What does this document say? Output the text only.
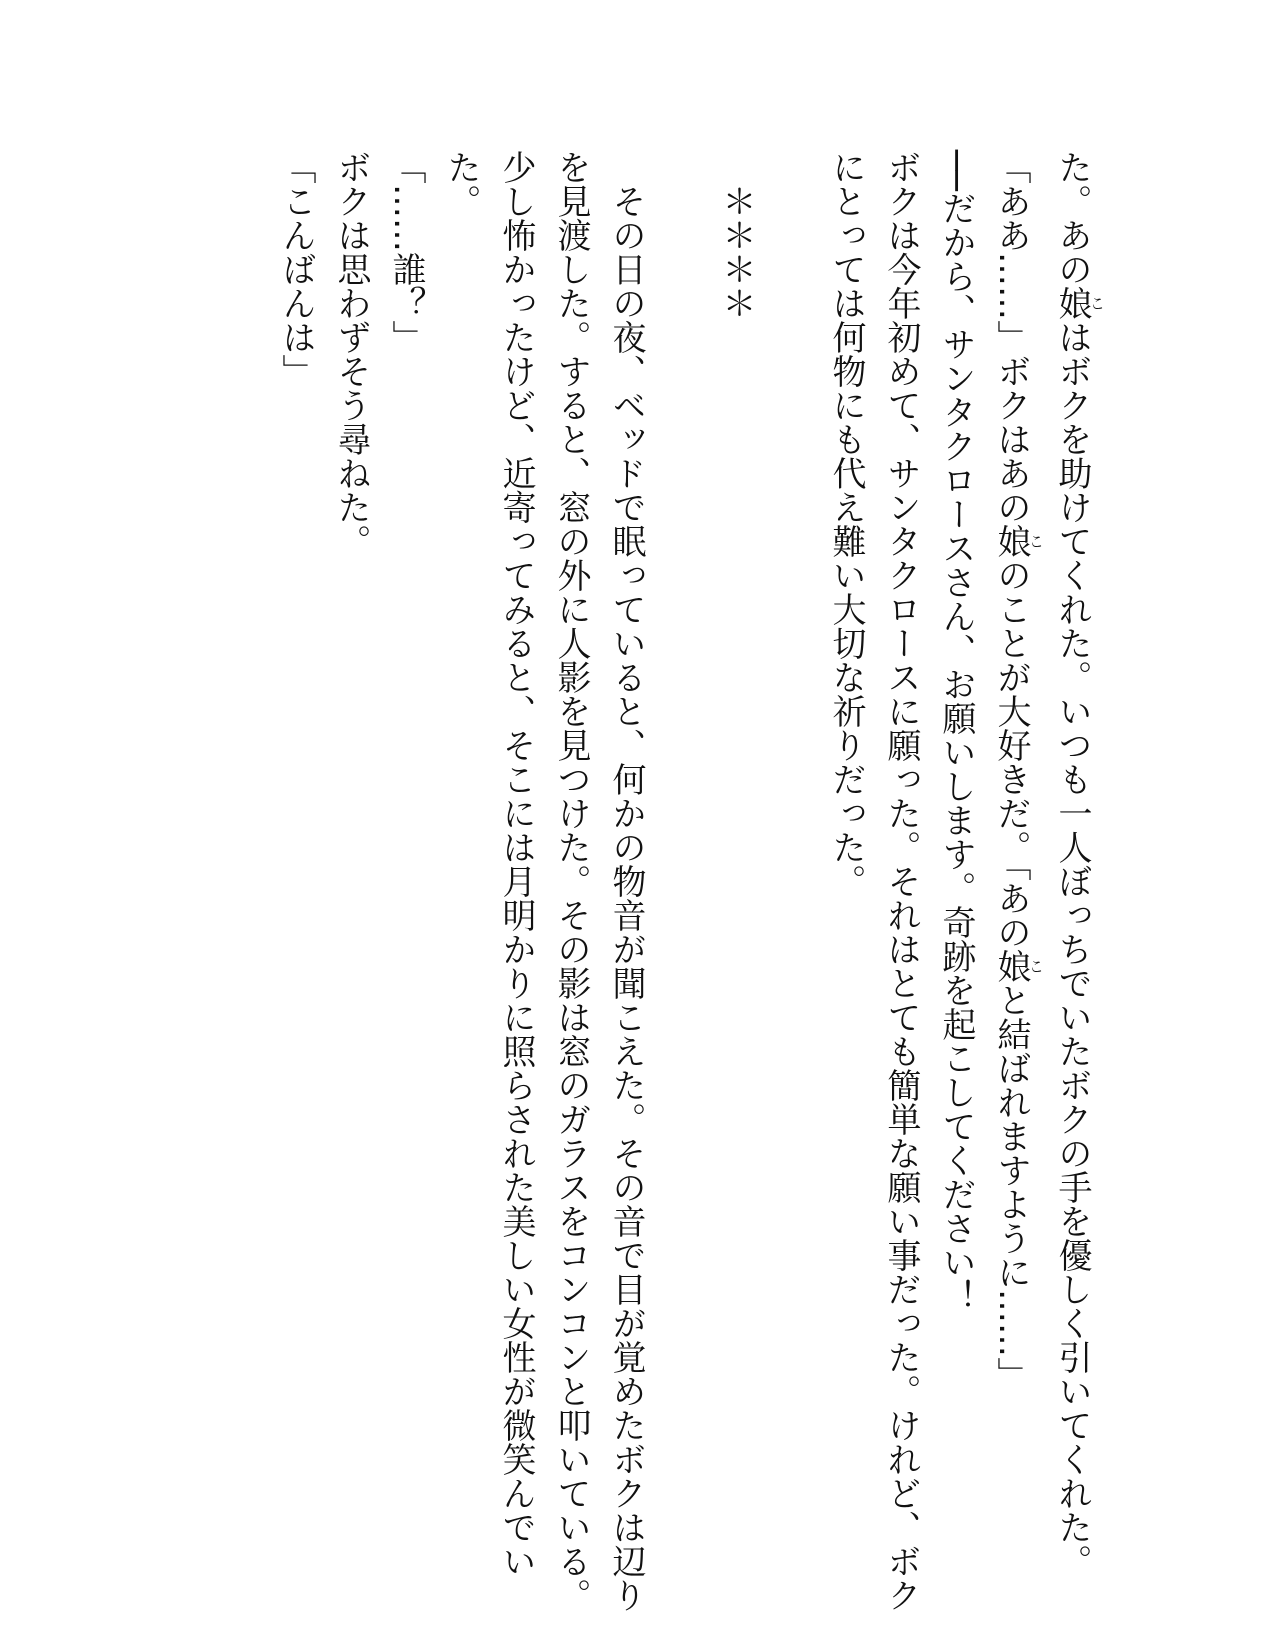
た。あの娘こはボクを助けてくれた。いつも一人ぼっちでいたボクの手を優しく引いてくれた。
「ああ……」ボクはあの娘このことが大好きだ。「あの娘こと結ばれますように……」
──だから、サンタクロースさん、お願いします。奇跡を起こしてください！
ボクは今年初めて、サンタクロースに願った。それはとても簡単な願い事だった。けれど、ボク
にとっては何物にも代え難い大切な祈りだった。
＊＊＊＊
その日の夜、ベッドで眠っていると、何かの物音が聞こえた。その音で目が覚めたボクは辺り
を見渡した。すると、窓の外に人影を見つけた。その影は窓のガラスをコンコンと叩いている。
少し怖かったけど、近寄ってみると、そこには月明かりに照らされた美しい女性が微笑んでい
た。
「……誰？」
ボクは思わずそう尋ねた。
「こんばんは」
